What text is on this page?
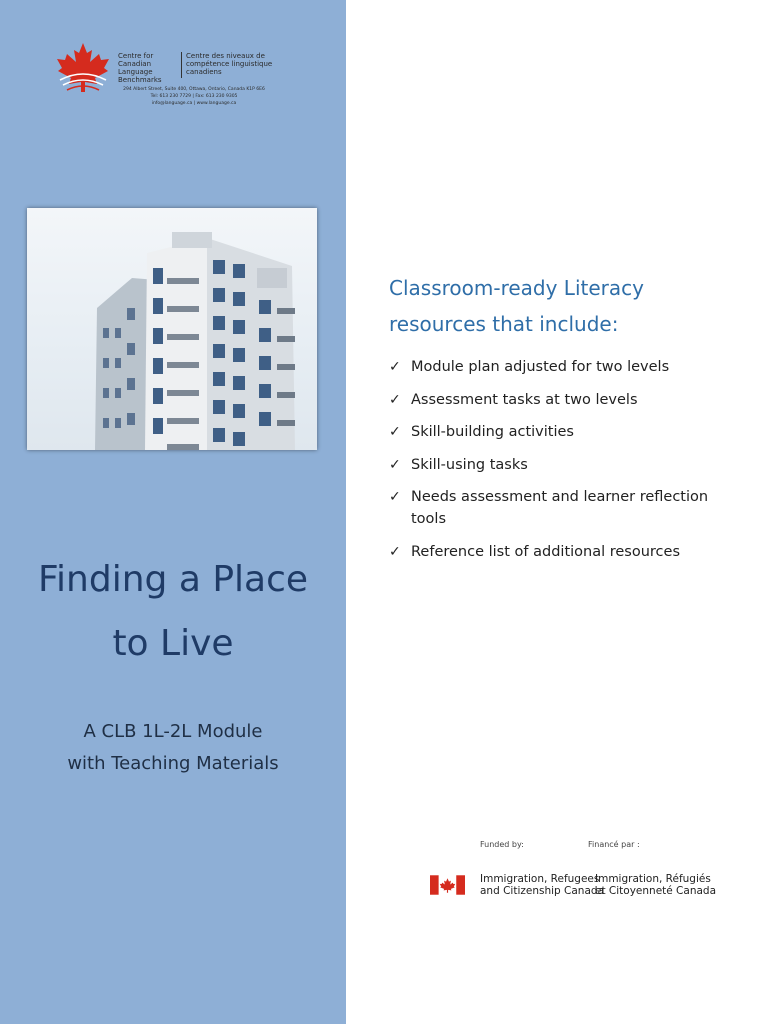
Centre for
Canadian Language
Benchmarks
Centre des niveaux de
compétence linguistique
canadiens
294 Albert Street, Suite 400, Ottawa, Ontario, Canada K1P 6E6
Tel: 613 230 7729 | Fax: 613 230 9305
info@language.ca | www.language.ca
Finding a Place
to Live
A CLB 1L-2L Module
with Teaching Materials
Classroom-ready Literacy
resources that include:
✓ Module plan adjusted for two levels
✓ Assessment tasks at two levels
✓ Skill-building activities
✓ Skill-using tasks
✓ Needs assessment and learner reflection tools
✓ Reference list of additional resources
Funded by:	Financé par :
Immigration, Refugees
and Citizenship Canada
Immigration, Réfugiés
et Citoyenneté Canada
